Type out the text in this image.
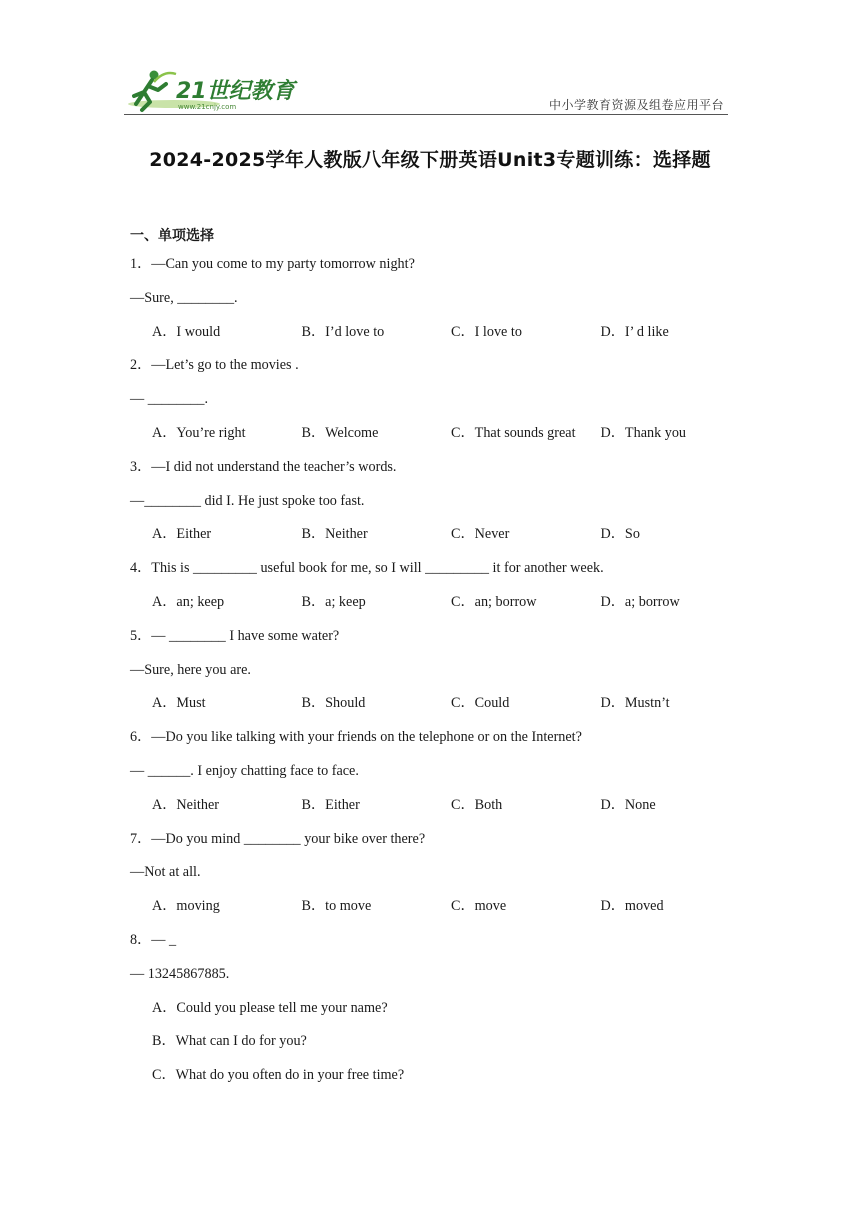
21世纪教育
www.21cnjy.com	中小学教育资源及组卷应用平台
2024-2025学年人教版八年级下册英语Unit3专题训练：选择题
一、单项选择
1．—Can you come to my party tomorrow night?
—Sure, ________.
A．I would	B．I’d love to	C．I love to	D．I’ d like
2．—Let’s go to the movies .
— ________.
A．You’re right	B．Welcome	C．That sounds great	D．Thank you
3．—I did not understand the teacher’s words.
—________ did I. He just spoke too fast.
A．Either	B．Neither	C．Never	D．So
4．This is _________ useful book for me, so I will _________ it for another week.
A．an; keep	B．a; keep	C．an; borrow	D．a; borrow
5．— ________ I have some water?
—Sure, here you are.
A．Must	B．Should	C．Could	D．Mustn’t
6．—Do you like talking with your friends on the telephone or on the Internet?
— ______. I enjoy chatting face to face.
A．Neither	B．Either	C．Both	D．None
7．—Do you mind ________ your bike over there?
—Not at all.
A．moving	B．to move	C．move	D．moved
8．— _
— 13245867885.
A．Could you please tell me your name?
B．What can I do for you?
C．What do you often do in your free time?
